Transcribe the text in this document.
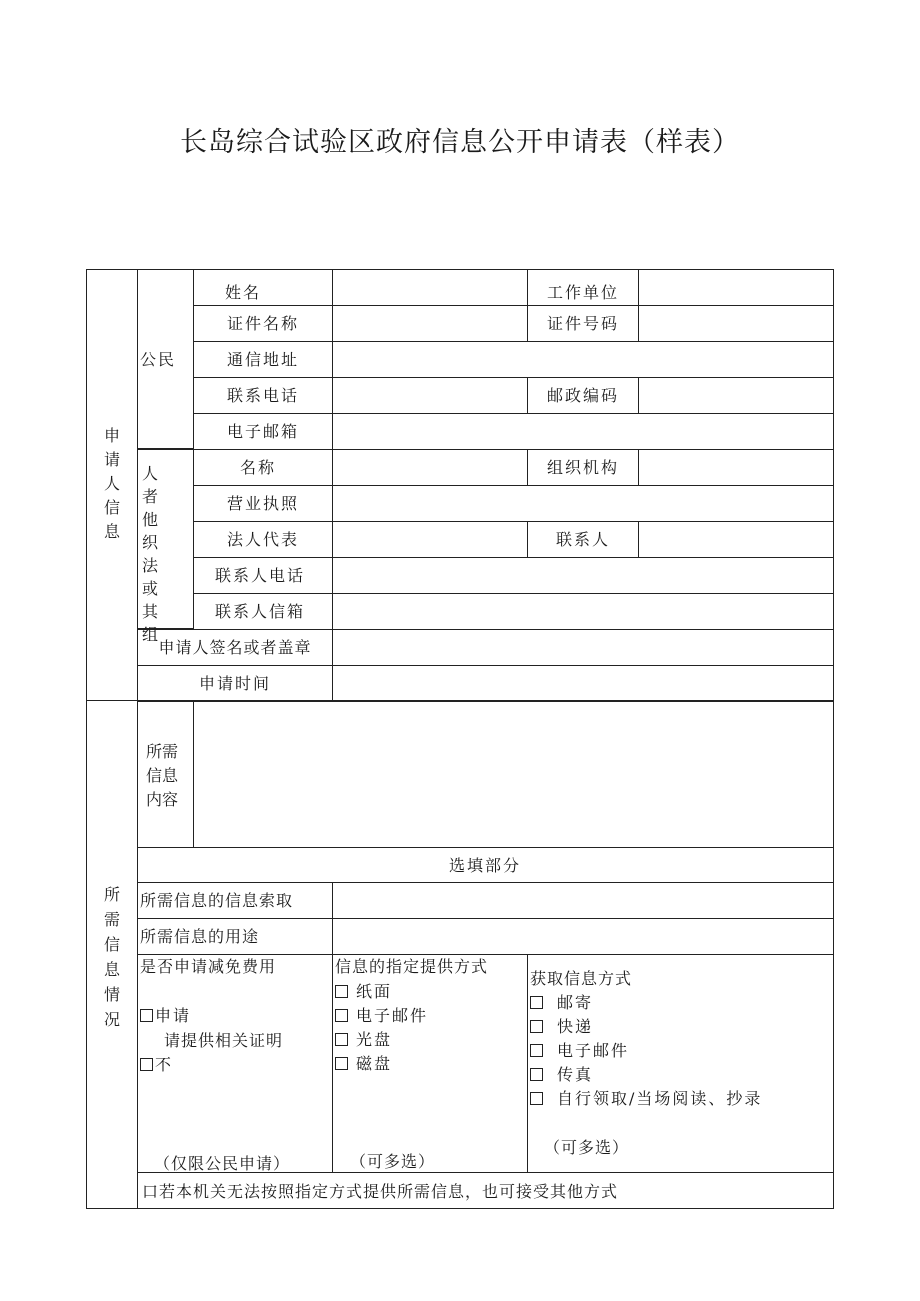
长岛综合试验区政府信息公开申请表（样表）
申请人信息
公民
姓名	工作单位
证件名称	证件号码
通信地址
联系电话	邮政编码
电子邮箱
人者他织法或其组
名称	组织机构
营业执照
法人代表	联系人
联系人电话
联系人信箱
申请人签名或者盖章
申请时间
所需信息情况
所需信息内容
选填部分
所需信息的信息索取
所需信息的用途
是否申请减免费用
申请
请提供相关证明
不
（仅限公民申请）
信息的指定提供方式
纸面
电子邮件
光盘
磁盘
（可多选）
获取信息方式
邮寄
快递
电子邮件
传真
自行领取/当场阅读、抄录
（可多选）
口若本机关无法按照指定方式提供所需信息，也可接受其他方式
